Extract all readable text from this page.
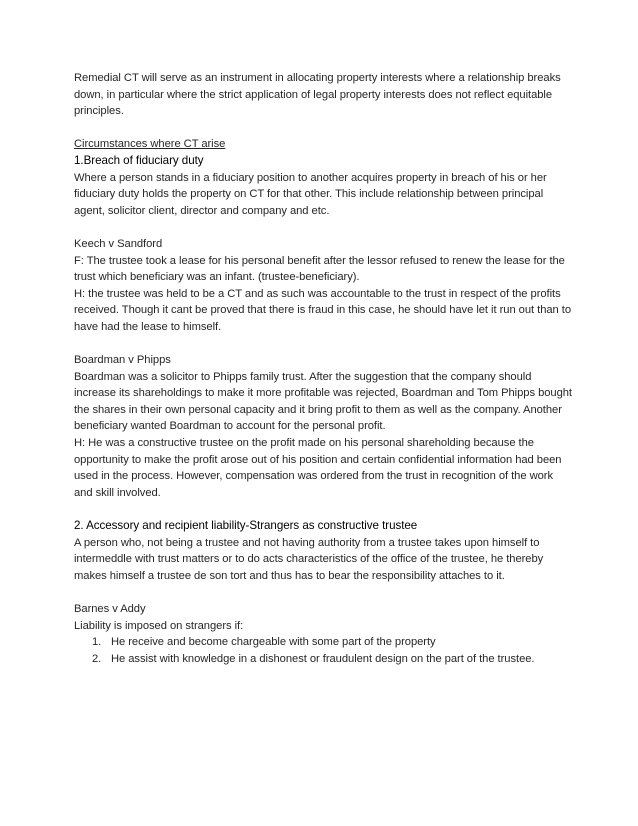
Remedial CT will serve as an instrument in allocating property interests where a relationship breaks down, in particular where the strict application of legal property interests does not reflect equitable principles.

Circumstances where CT arise

1.Breach of fiduciary duty

Where a person stands in a fiduciary position to another acquires property in breach of his or her fiduciary duty holds the property on CT for that other. This include relationship between principal agent, solicitor client, director and company and etc.

Keech v Sandford

F: The trustee took a lease for his personal benefit after the lessor refused to renew the lease for the trust which beneficiary was an infant. (trustee-beneficiary).

H: the trustee was held to be a CT and as such was accountable to the trust in respect of the profits received. Though it cant be proved that there is fraud in this case, he should have let it run out than to have had the lease to himself.

Boardman v Phipps

Boardman was a solicitor to Phipps family trust. After the suggestion that the company should increase its shareholdings to make it more profitable was rejected, Boardman and Tom Phipps bought the shares in their own personal capacity and it bring profit to them as well as the company. Another beneficiary wanted Boardman to account for the personal profit.

H: He was a constructive trustee on the profit made on his personal shareholding because the opportunity to make the profit arose out of his position and certain confidential information had been used in the process. However, compensation was ordered from the trust in recognition of the work and skill involved.

2. Accessory and recipient liability-Strangers as constructive trustee

A person who, not being a trustee and not having authority from a trustee takes upon himself to intermeddle with trust matters or to do acts characteristics of the office of the trustee, he thereby makes himself a trustee de son tort and thus has to bear the responsibility attaches to it.

Barnes v Addy

Liability is imposed on strangers if:

1. He receive and become chargeable with some part of the property
2. He assist with knowledge in a dishonest or fraudulent design on the part of the trustee.
